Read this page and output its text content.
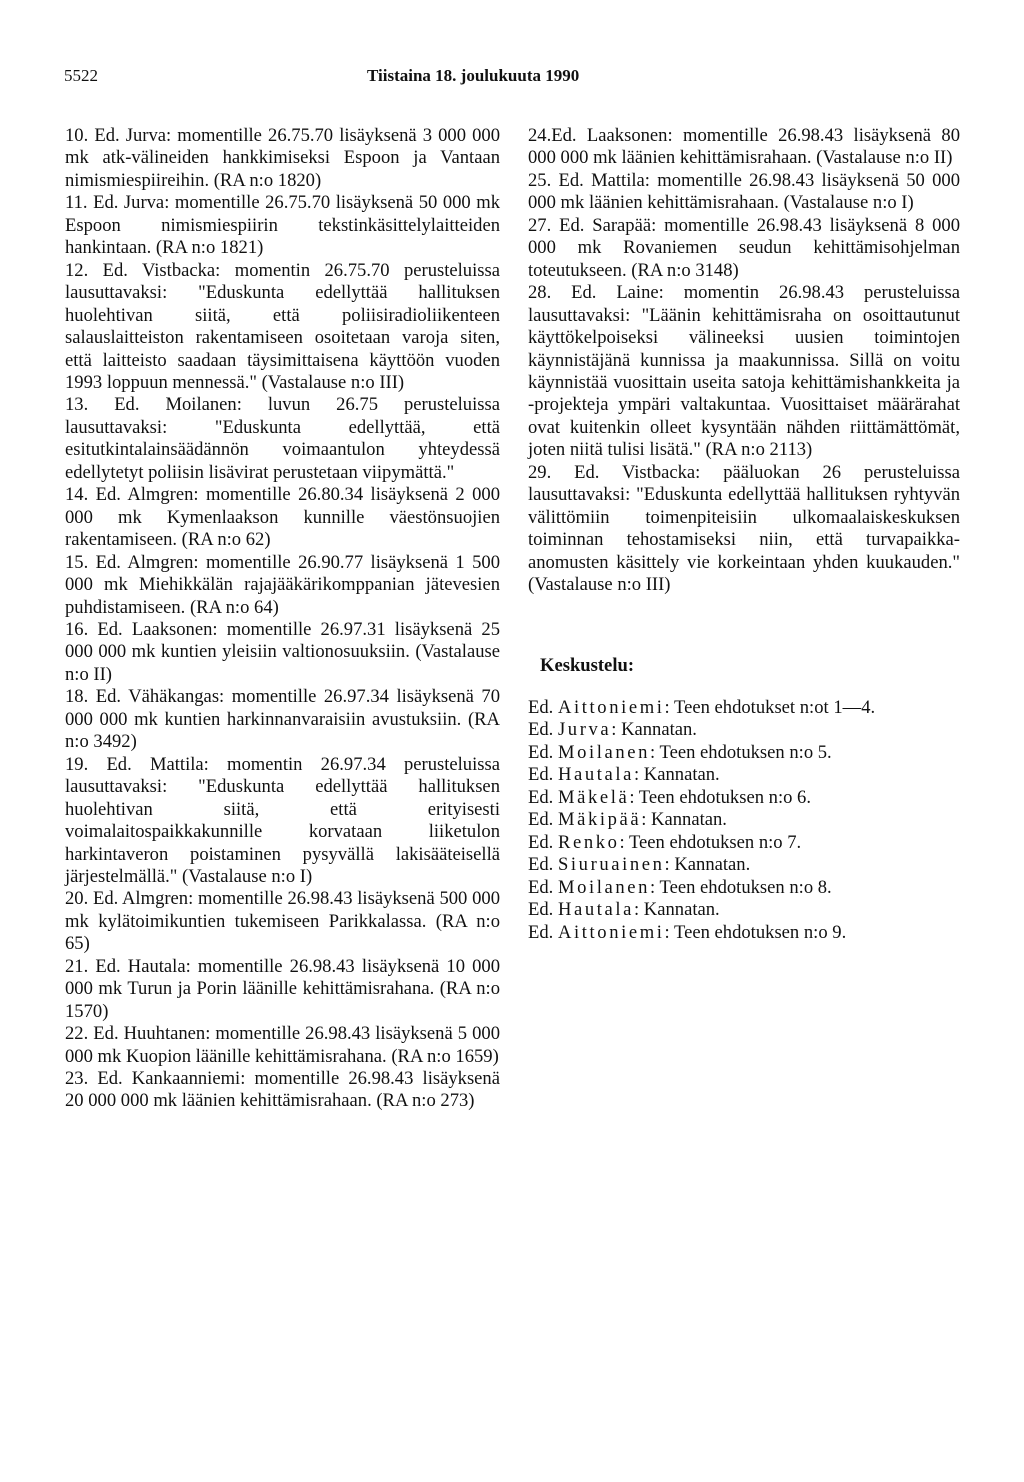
5522	Tiistaina 18. joulukuuta 1990

10. Ed. Jurva: momentille 26.75.70 lisäyksenä 3 000 000 mk atk-välineiden hankkimiseksi Espoon ja Vantaan nimismiespiireihin. (RA n:o 1820)

11. Ed. Jurva: momentille 26.75.70 lisäyksenä 50 000 mk Espoon nimismiespiirin tekstinkäsittelylaitteiden hankintaan. (RA n:o 1821)

12. Ed. Vistbacka: momentin 26.75.70 perusteluissa lausuttavaksi: "Eduskunta edellyttää hallituksen huolehtivan siitä, että poliisiradioliikenteen salauslaitteiston rakentamiseen osoitetaan varoja siten, että laitteisto saadaan täysimittaisena käyttöön vuoden 1993 loppuun mennessä." (Vastalause n:o III)

13. Ed. Moilanen: luvun 26.75 perusteluissa lausuttavaksi: "Eduskunta edellyttää, että esitutkintalainsäädännön voimaantulon yhteydessä edellytetyt poliisin lisävirat perustetaan viipymättä."

14. Ed. Almgren: momentille 26.80.34 lisäyksenä 2 000 000 mk Kymenlaakson kunnille väestönsuojien rakentamiseen. (RA n:o 62)

15. Ed. Almgren: momentille 26.90.77 lisäyksenä 1 500 000 mk Miehikkälän rajajääkärikomppanian jätevesien puhdistamiseen. (RA n:o 64)

16. Ed. Laaksonen: momentille 26.97.31 lisäyksenä 25 000 000 mk kuntien yleisiin valtionosuuksiin. (Vastalause n:o II)

18. Ed. Vähäkangas: momentille 26.97.34 lisäyksenä 70 000 000 mk kuntien harkinnanvaraisiin avustuksiin. (RA n:o 3492)

19. Ed. Mattila: momentin 26.97.34 perusteluissa lausuttavaksi: "Eduskunta edellyttää hallituksen huolehtivan siitä, että erityisesti voimalaitospaikkakunnille korvataan liiketulon harkintaveron poistaminen pysyvällä lakisääteisellä järjestelmällä." (Vastalause n:o I)

20. Ed. Almgren: momentille 26.98.43 lisäyksenä 500 000 mk kylätoimikuntien tukemiseen Parikkalassa. (RA n:o 65)

21. Ed. Hautala: momentille 26.98.43 lisäyksenä 10 000 000 mk Turun ja Porin läänille kehittämisrahana. (RA n:o 1570)

22. Ed. Huuhtanen: momentille 26.98.43 lisäyksenä 5 000 000 mk Kuopion läänille kehittämisrahana. (RA n:o 1659)

23. Ed. Kankaanniemi: momentille 26.98.43 lisäyksenä 20 000 000 mk läänien kehittämisrahaan. (RA n:o 273)

24.Ed. Laaksonen: momentille 26.98.43 lisäyksenä 80 000 000 mk läänien kehittämisrahaan. (Vastalause n:o II)

25. Ed. Mattila: momentille 26.98.43 lisäyksenä 50 000 000 mk läänien kehittämisrahaan. (Vastalause n:o I)

27. Ed. Sarapää: momentille 26.98.43 lisäyksenä 8 000 000 mk Rovaniemen seudun kehittämisohjelman toteutukseen. (RA n:o 3148)

28. Ed. Laine: momentin 26.98.43 perusteluissa lausuttavaksi: "Läänin kehittämisraha on osoittautunut käyttökelpoiseksi välineeksi uusien toimintojen käynnistäjänä kunnissa ja maakunnissa. Sillä on voitu käynnistää vuosittain useita satoja kehittämishankkeita ja -projekteja ympäri valtakuntaa. Vuosittaiset määrärahat ovat kuitenkin olleet kysyntään nähden riittämättömät, joten niitä tulisi lisätä." (RA n:o 2113)

29. Ed. Vistbacka: pääluokan 26 perusteluissa lausuttavaksi: "Eduskunta edellyttää hallituksen ryhtyvän välittömiin toimenpiteisiin ulkomaalaiskeskuksen toiminnan tehostamiseksi niin, että turvapaikka-anomusten käsittely vie korkeintaan yhden kuukauden." (Vastalause n:o III)

Keskustelu:

Ed. Aittoniemi: Teen ehdotukset n:ot 1—4.

Ed. Jurva: Kannatan.

Ed. Moilanen: Teen ehdotuksen n:o 5.

Ed. Hautala: Kannatan.

Ed. Mäkelä: Teen ehdotuksen n:o 6.

Ed. Mäkipää: Kannatan.

Ed. Renko: Teen ehdotuksen n:o 7.

Ed. Siuruainen: Kannatan.

Ed. Moilanen: Teen ehdotuksen n:o 8.

Ed. Hautala: Kannatan.

Ed. Aittoniemi: Teen ehdotuksen n:o 9.
